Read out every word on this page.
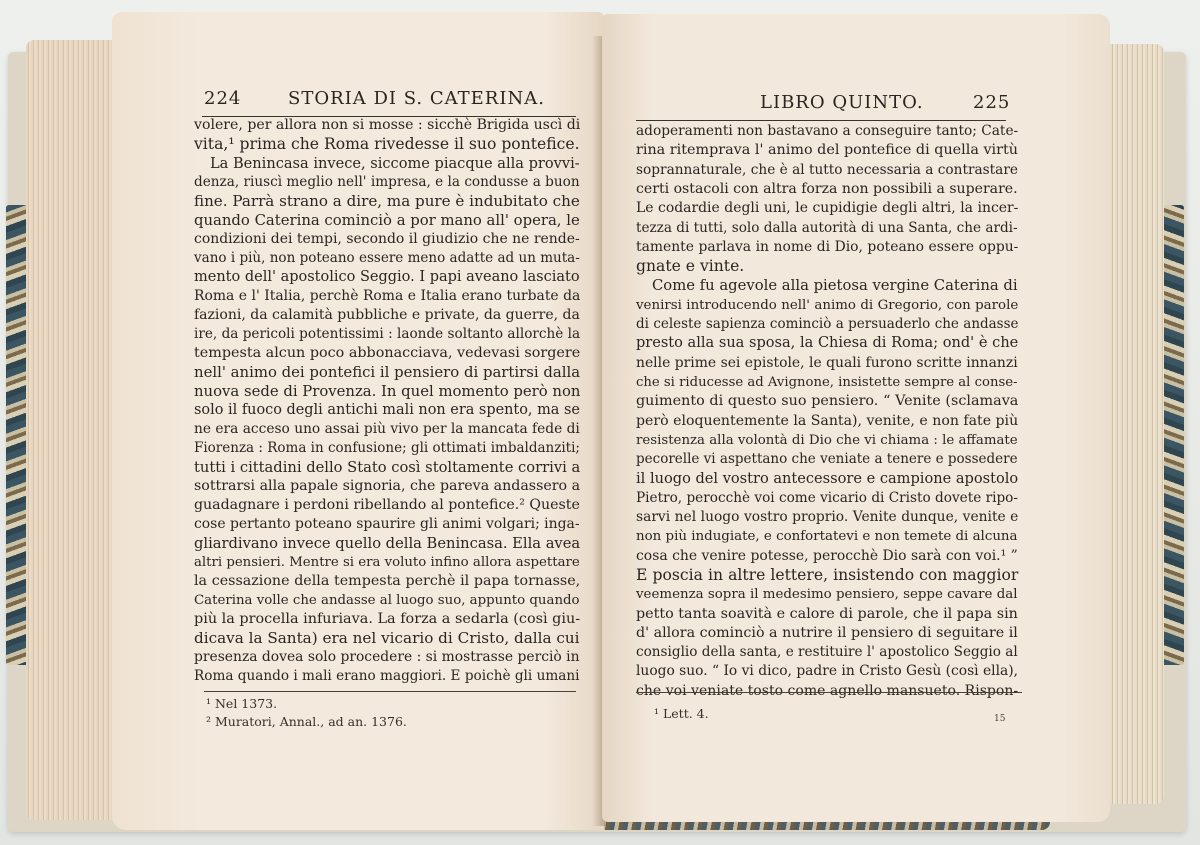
224	STORIA DI S. CATERINA.
volere, per allora non si mosse : sicchè Brigida uscì di
vita,¹ prima che Roma rivedesse il suo pontefice.
La Benincasa invece, siccome piacque alla provvi-
denza, riuscì meglio nell' impresa, e la condusse a buon
fine. Parrà strano a dire, ma pure è indubitato che
quando Caterina cominciò a por mano all' opera, le
condizioni dei tempi, secondo il giudizio che ne rende-
vano i più, non poteano essere meno adatte ad un muta-
mento dell' apostolico Seggio. I papi aveano lasciato
Roma e l' Italia, perchè Roma e Italia erano turbate da
fazioni, da calamità pubbliche e private, da guerre, da
ire, da pericoli potentissimi : laonde soltanto allorchè la
tempesta alcun poco abbonacciava, vedevasi sorgere
nell' animo dei pontefici il pensiero di partirsi dalla
nuova sede di Provenza. In quel momento però non
solo il fuoco degli antichi mali non era spento, ma se
ne era acceso uno assai più vivo per la mancata fede di
Fiorenza : Roma in confusione; gli ottimati imbaldanziti;
tutti i cittadini dello Stato così stoltamente corrivi a
sottrarsi alla papale signoria, che pareva andassero a
guadagnare i perdoni ribellando al pontefice.² Queste
cose pertanto poteano spaurire gli animi volgari; inga-
gliardivano invece quello della Benincasa. Ella avea
altri pensieri. Mentre si era voluto infino allora aspettare
la cessazione della tempesta perchè il papa tornasse,
Caterina volle che andasse al luogo suo, appunto quando
più la procella infuriava. La forza a sedarla (così giu-
dicava la Santa) era nel vicario di Cristo, dalla cui
presenza dovea solo procedere : si mostrasse perciò in
Roma quando i mali erano maggiori. E poichè gli umani
¹ Nel 1373.
² Muratori, Annal., ad an. 1376.
LIBRO QUINTO.	225
adoperamenti non bastavano a conseguire tanto; Cate-
rina ritemprava l' animo del pontefice di quella virtù
soprannaturale, che è al tutto necessaria a contrastare
certi ostacoli con altra forza non possibili a superare.
Le codardie degli uni, le cupidigie degli altri, la incer-
tezza di tutti, solo dalla autorità di una Santa, che ardi-
tamente parlava in nome di Dio, poteano essere oppu-
gnate e vinte.
Come fu agevole alla pietosa vergine Caterina di
venirsi introducendo nell' animo di Gregorio, con parole
di celeste sapienza cominciò a persuaderlo che andasse
presto alla sua sposa, la Chiesa di Roma; ond' è che
nelle prime sei epistole, le quali furono scritte innanzi
che si riducesse ad Avignone, insistette sempre al conse-
guimento di questo suo pensiero. “ Venite (sclamava
però eloquentemente la Santa), venite, e non fate più
resistenza alla volontà di Dio che vi chiama : le affamate
pecorelle vi aspettano che veniate a tenere e possedere
il luogo del vostro antecessore e campione apostolo
Pietro, perocchè voi come vicario di Cristo dovete ripo-
sarvi nel luogo vostro proprio. Venite dunque, venite e
non più indugiate, e confortatevi e non temete di alcuna
cosa che venire potesse, perocchè Dio sarà con voi.¹ ”
E poscia in altre lettere, insistendo con maggior
veemenza sopra il medesimo pensiero, seppe cavare dal
petto tanta soavità e calore di parole, che il papa sin
d' allora cominciò a nutrire il pensiero di seguitare il
consiglio della santa, e restituire l' apostolico Seggio al
luogo suo. “ Io vi dico, padre in Cristo Gesù (così ella),
che voi veniate tosto come agnello mansueto. Rispon-
¹ Lett. 4.	15
